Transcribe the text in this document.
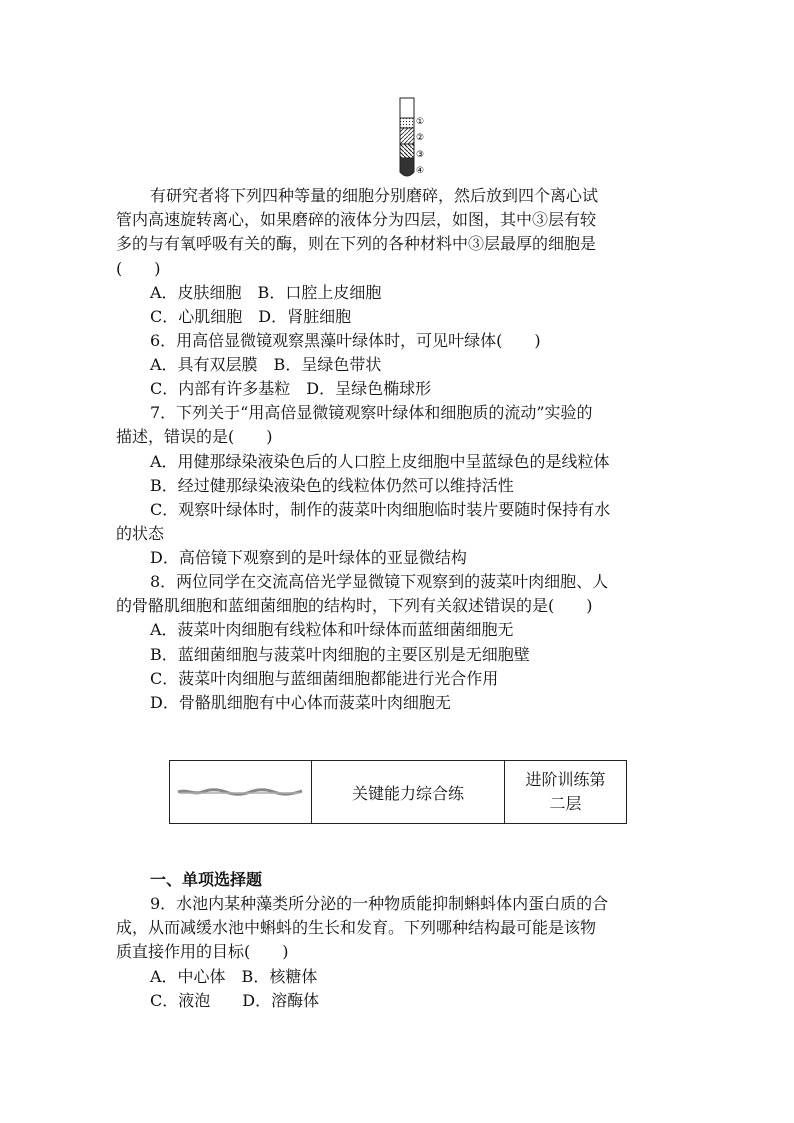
①
②
③
④
有研究者将下列四种等量的细胞分别磨碎，然后放到四个离心试
管内高速旋转离心，如果磨碎的液体分为四层，如图，其中③层有较
多的与有氧呼吸有关的酶，则在下列的各种材料中③层最厚的细胞是
(　　)
A．皮肤细胞　B．口腔上皮细胞
C．心肌细胞　D．肾脏细胞
6．用高倍显微镜观察黑藻叶绿体时，可见叶绿体(　　)
A．具有双层膜　B．呈绿色带状
C．内部有许多基粒　D．呈绿色椭球形
7．下列关于“用高倍显微镜观察叶绿体和细胞质的流动”实验的
描述，错误的是(　　)
A．用健那绿染液染色后的人口腔上皮细胞中呈蓝绿色的是线粒体
B．经过健那绿染液染色的线粒体仍然可以维持活性
C．观察叶绿体时，制作的菠菜叶肉细胞临时装片要随时保持有水
的状态
D．高倍镜下观察到的是叶绿体的亚显微结构
8．两位同学在交流高倍光学显微镜下观察到的菠菜叶肉细胞、人
的骨骼肌细胞和蓝细菌细胞的结构时，下列有关叙述错误的是(　　)
A．菠菜叶肉细胞有线粒体和叶绿体而蓝细菌细胞无
B．蓝细菌细胞与菠菜叶肉细胞的主要区别是无细胞壁
C．菠菜叶肉细胞与蓝细菌细胞都能进行光合作用
D．骨骼肌细胞有中心体而菠菜叶肉细胞无
关键能力综合练
进阶训练第
二层
一、单项选择题
9．水池内某种藻类所分泌的一种物质能抑制蝌蚪体内蛋白质的合
成，从而减缓水池中蝌蚪的生长和发育。下列哪种结构最可能是该物
质直接作用的目标(　　)
A．中心体　B．核糖体
C．液泡　　D．溶酶体
